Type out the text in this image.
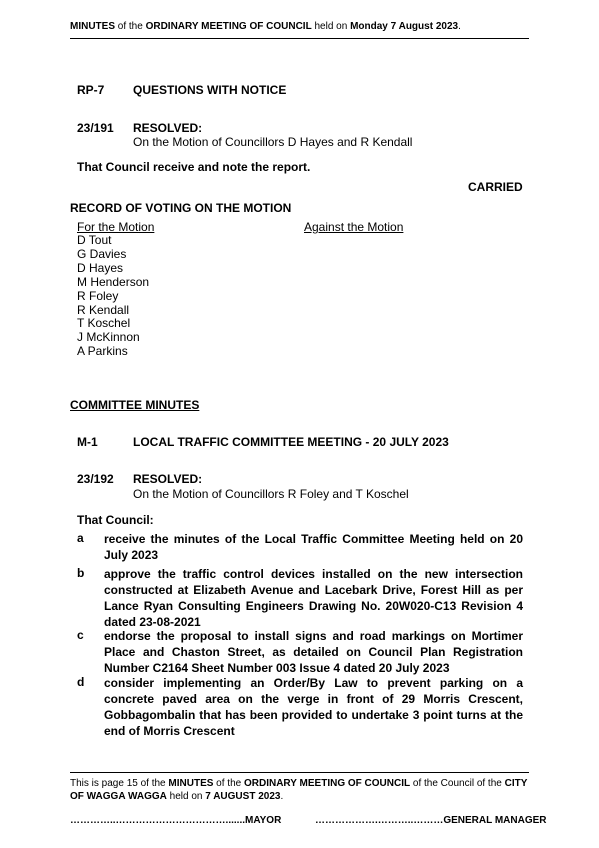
MINUTES of the ORDINARY MEETING OF COUNCIL held on Monday 7 August 2023.
RP-7 QUESTIONS WITH NOTICE
23/191 RESOLVED:
On the Motion of Councillors D Hayes and R Kendall
That Council receive and note the report.
CARRIED
RECORD OF VOTING ON THE MOTION
For the Motion	Against the Motion
D Tout
G Davies
D Hayes
M Henderson
R Foley
R Kendall
T Koschel
J McKinnon
A Parkins
COMMITTEE MINUTES
M-1	LOCAL TRAFFIC COMMITTEE MEETING - 20 JULY 2023
23/192 RESOLVED:
On the Motion of Councillors R Foley and T Koschel
That Council:
a receive the minutes of the Local Traffic Committee Meeting held on 20 July 2023
b approve the traffic control devices installed on the new intersection constructed at Elizabeth Avenue and Lacebark Drive, Forest Hill as per Lance Ryan Consulting Engineers Drawing No. 20W020-C13 Revision 4 dated 23-08-2021
c endorse the proposal to install signs and road markings on Mortimer Place and Chaston Street, as detailed on Council Plan Registration Number C2164 Sheet Number 003 Issue 4 dated 20 July 2023
d consider implementing an Order/By Law to prevent parking on a concrete paved area on the verge in front of 29 Morris Crescent, Gobbagombalin that has been provided to undertake 3 point turns at the end of Morris Crescent
This is page 15 of the MINUTES of the ORDINARY MEETING OF COUNCIL of the Council of the CITY
OF WAGGA WAGGA held on 7 AUGUST 2023.
…………..…………………………….......MAYOR	……………….………..………GENERAL MANAGER
